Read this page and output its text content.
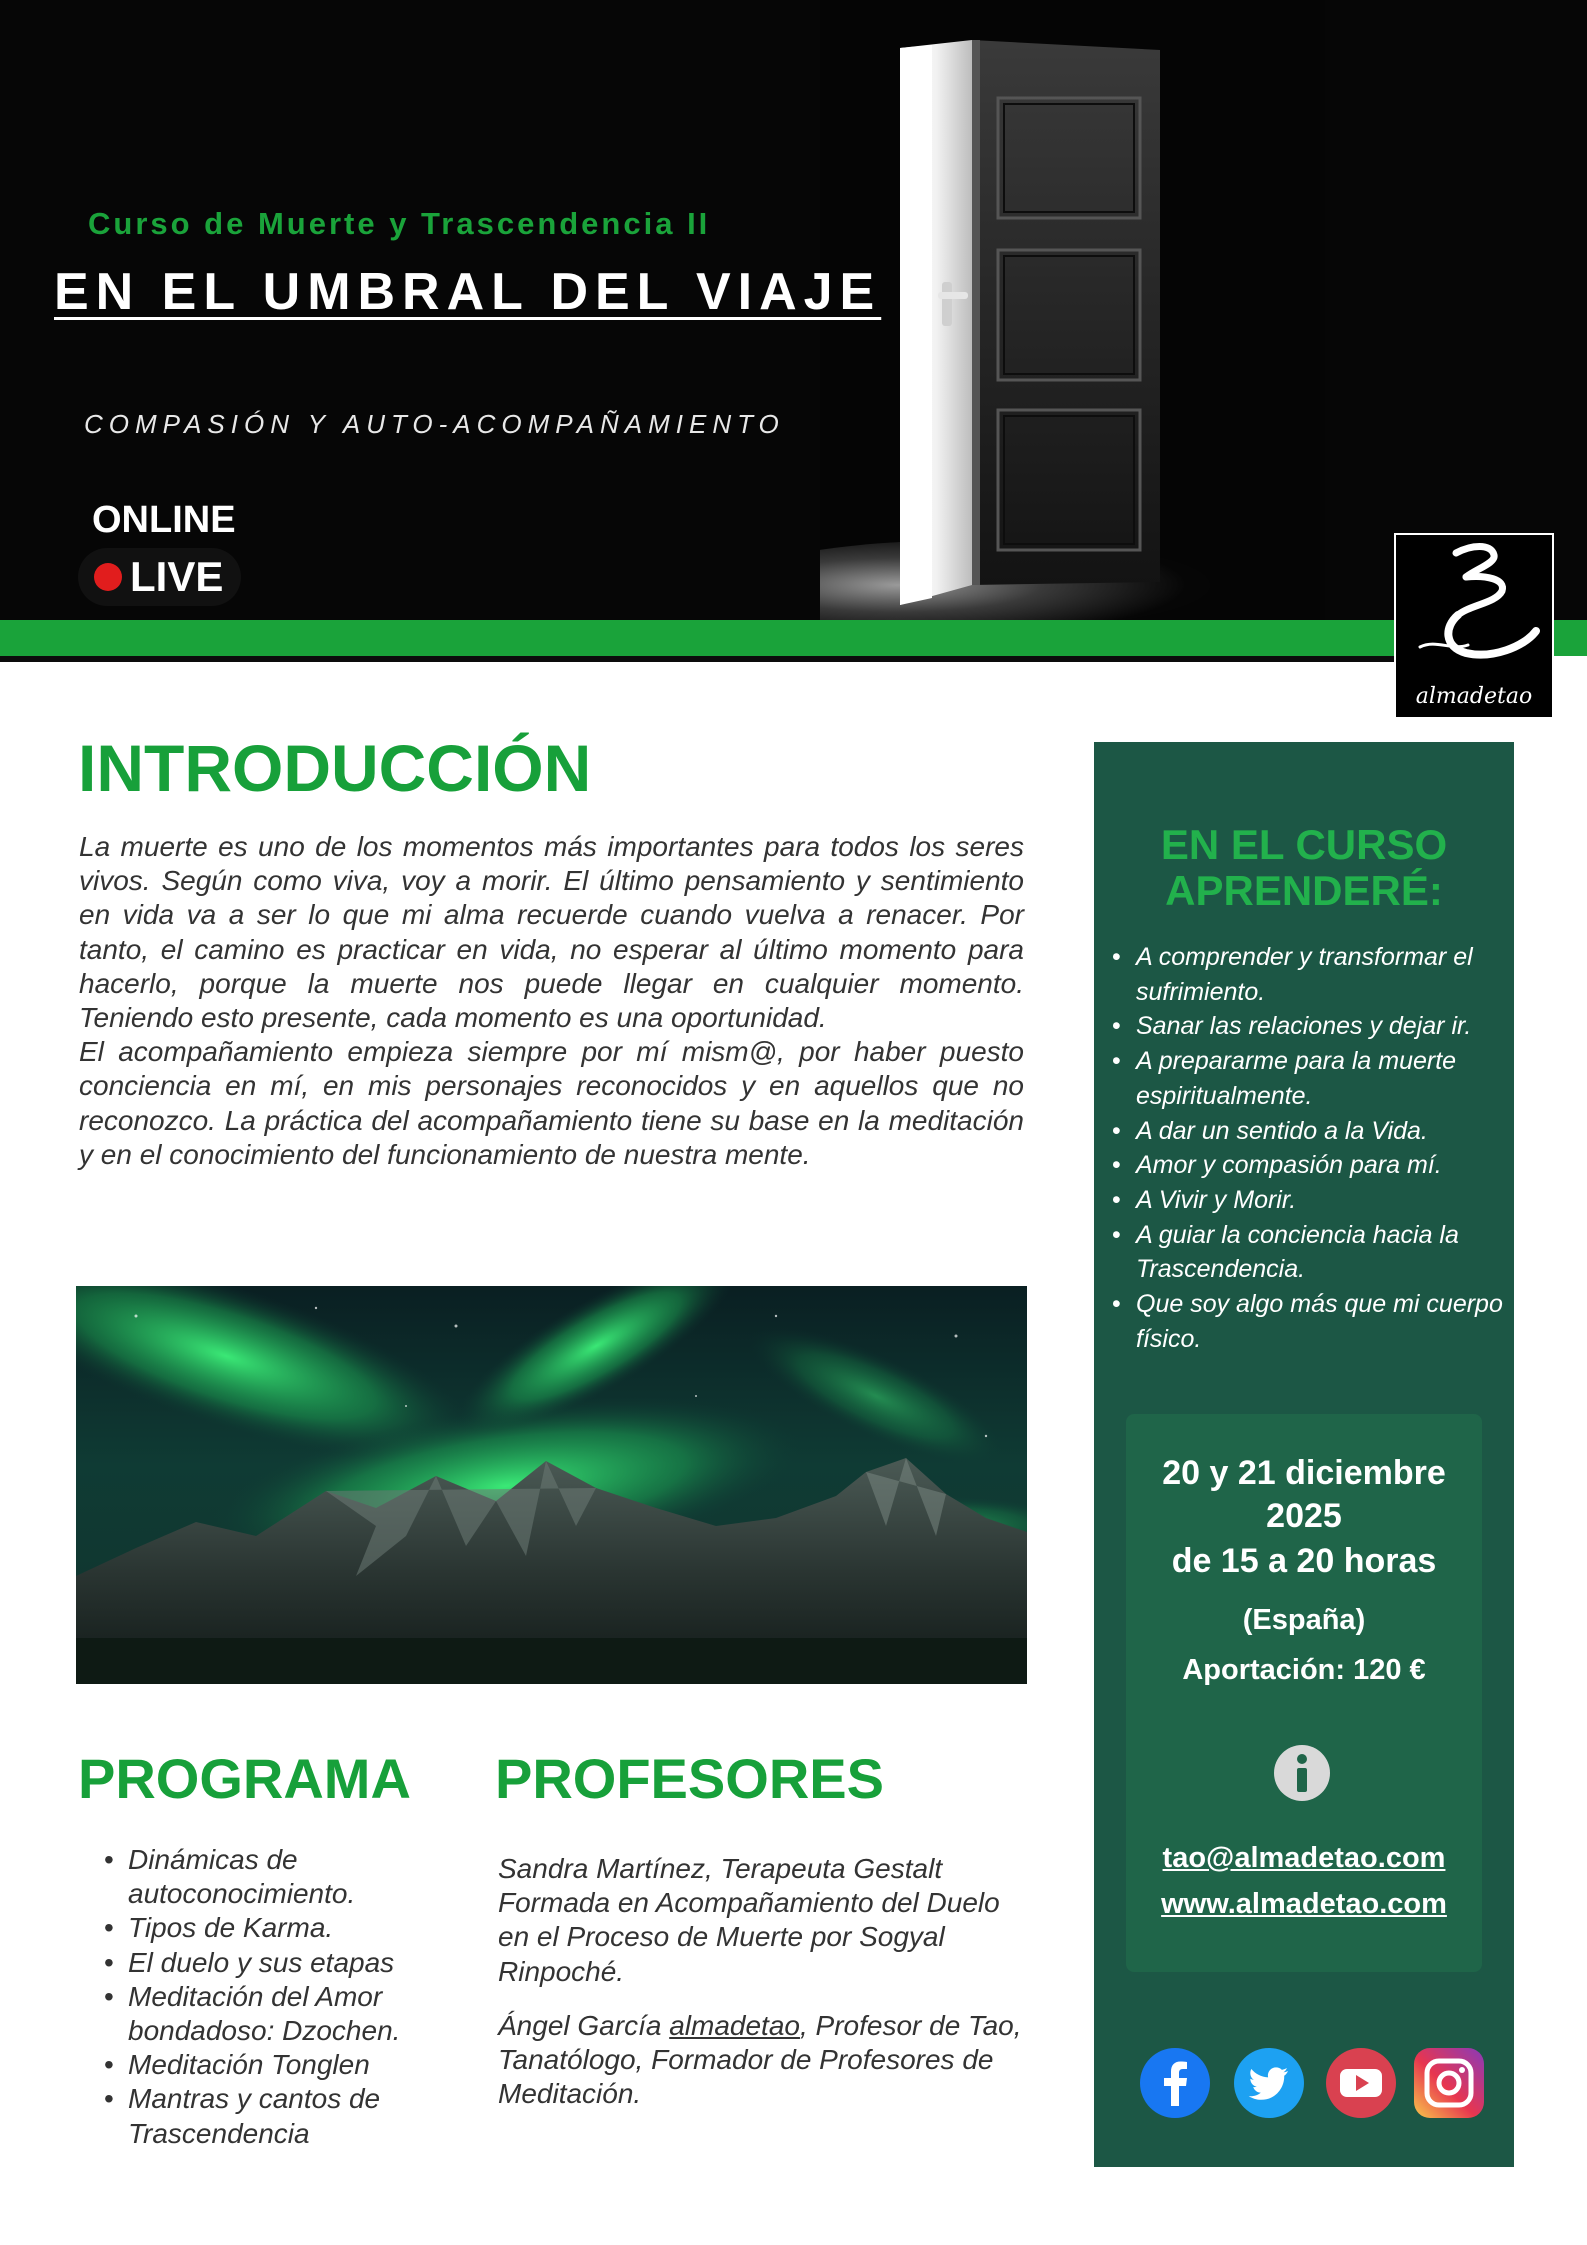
Curso de Muerte y Trascendencia II
EN EL UMBRAL DEL VIAJE
COMPASIÓN Y AUTO-ACOMPAÑAMIENTO
ONLINE
LIVE
almadetao
INTRODUCCIÓN

La muerte es uno de los momentos más importantes para todos los seres vivos. Según como viva, voy a morir. El último pensamiento y sentimiento en vida va a ser lo que mi alma recuerde cuando vuelva a renacer. Por tanto, el camino es practicar en vida, no esperar al último momento para hacerlo, porque la muerte nos puede llegar en cualquier momento. Teniendo esto presente, cada momento es una oportunidad.

El acompañamiento empieza siempre por mí mism@, por haber puesto conciencia en mí, en mis personajes reconocidos y en aquellos que no reconozco. La práctica del acompañamiento tiene su base en la meditación y en el conocimiento del funcionamiento de nuestra mente.

PROGRAMA
• Dinámicas de autoconocimiento.
• Tipos de Karma.
• El duelo y sus etapas
• Meditación del Amor bondadoso: Dzochen.
• Meditación Tonglen
• Mantras y cantos de Trascendencia
PROFESORES

Sandra Martínez, Terapeuta Gestalt Formada en Acompañamiento del Duelo en el Proceso de Muerte por Sogyal Rinpoché.

Ángel García almadetao, Profesor de Tao, Tanatólogo, Formador de Profesores de Meditación.

EN EL CURSO
APRENDERÉ:
• A comprender y transformar el sufrimiento.
• Sanar las relaciones y dejar ir.
• A prepararme para la muerte espiritualmente.
• A dar un sentido a la Vida.
• Amor y compasión para mí.
• A Vivir y Morir.
• A guiar la conciencia hacia la Trascendencia.
• Que soy algo más que mi cuerpo físico.
20 y 21 diciembre
2025
de 15 a 20 horas
(España)
Aportación: 120 €
tao@almadetao.com
www.almadetao.com
